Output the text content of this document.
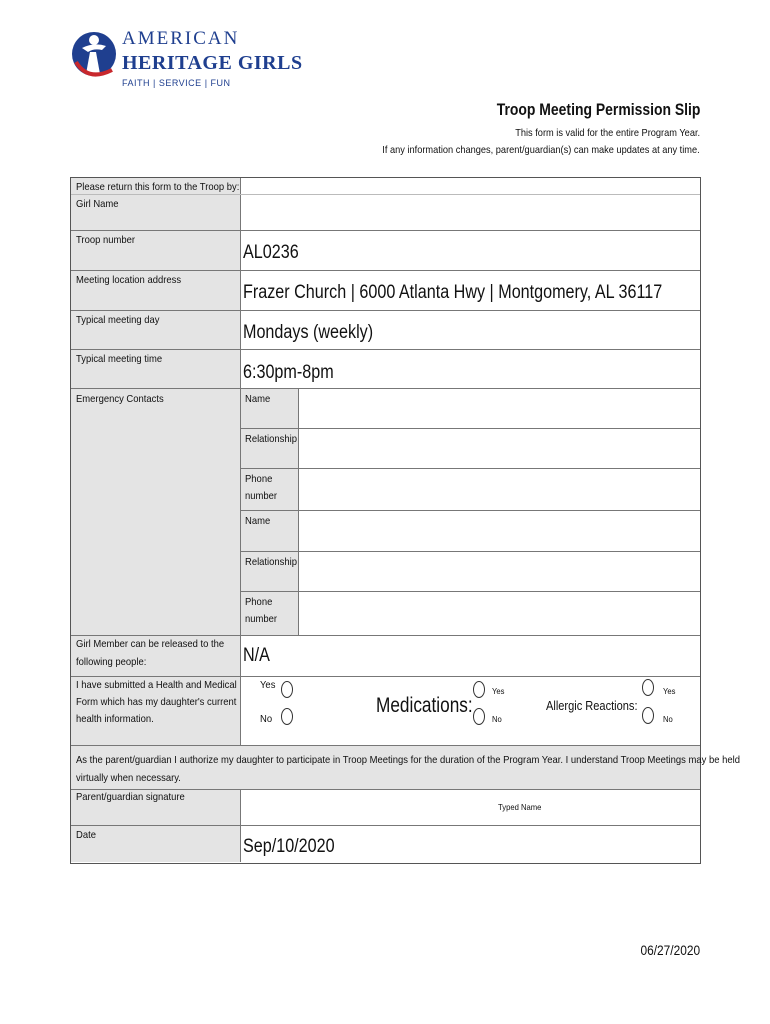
AMERICAN
HERITAGE GIRLS
FAITH | SERVICE | FUN
Troop Meeting Permission Slip
This form is valid for the entire Program Year.
If any information changes, parent/guardian(s) can make updates at any time.
Please return this form to the Troop by:
Girl Name
Troop number
AL0236
Meeting location address
Frazer Church | 6000 Atlanta Hwy | Montgomery, AL 36117
Typical meeting day
Mondays (weekly)
Typical meeting time
6:30pm-8pm
Emergency Contacts	Name
Relationship
Phone
number
Name
Relationship
Phone
number
Girl Member can be released to the
following people:	N/A
I have submitted a Health and Medical
Form which has my daughter's current
health information.
Yes
No
Medications:
Yes
No
Allergic Reactions:
Yes
No
As the parent/guardian I authorize my daughter to participate in Troop Meetings for the duration of the Program Year. I understand Troop Meetings may be held
virtually when necessary.
Parent/guardian signature
Typed Name
Date
Sep/10/2020
06/27/2020
